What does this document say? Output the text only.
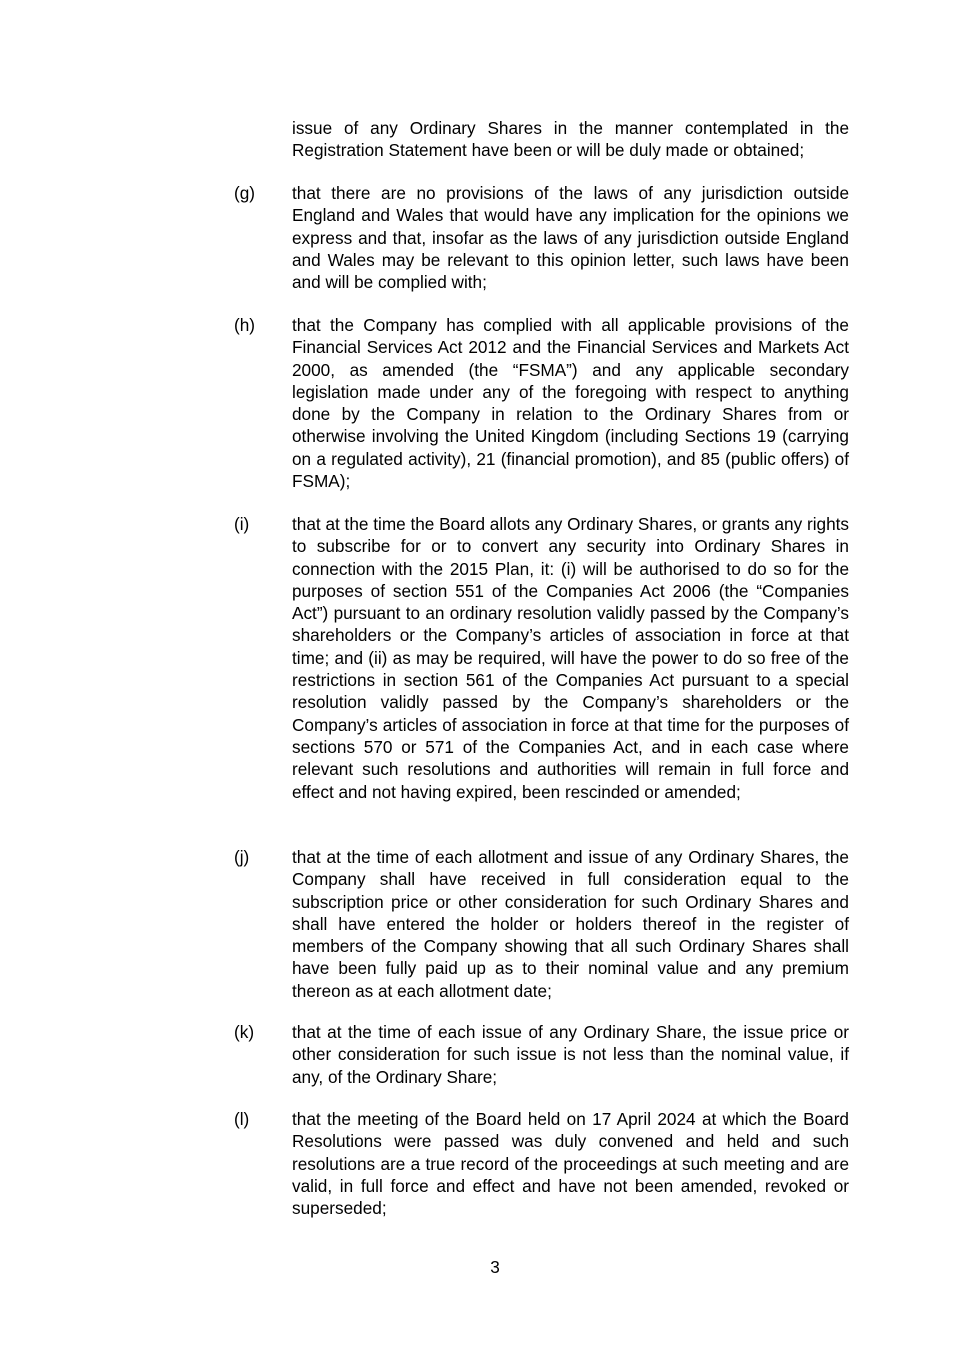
issue of any Ordinary Shares in the manner contemplated in the Registration Statement have been or will be duly made or obtained;

(g) that there are no provisions of the laws of any jurisdiction outside England and Wales that would have any implication for the opinions we express and that, insofar as the laws of any jurisdiction outside England and Wales may be relevant to this opinion letter, such laws have been and will be complied with;

(h) that the Company has complied with all applicable provisions of the Financial Services Act 2012 and the Financial Services and Markets Act 2000, as amended (the “FSMA”) and any applicable secondary legislation made under any of the foregoing with respect to anything done by the Company in relation to the Ordinary Shares from or otherwise involving the United Kingdom (including Sections 19 (carrying on a regulated activity), 21 (financial promotion), and 85 (public offers) of FSMA);

(i) that at the time the Board allots any Ordinary Shares, or grants any rights to subscribe for or to convert any security into Ordinary Shares in connection with the 2015 Plan, it: (i) will be authorised to do so for the purposes of section 551 of the Companies Act 2006 (the “Companies Act”) pursuant to an ordinary resolution validly passed by the Company’s shareholders or the Company’s articles of association in force at that time; and (ii) as may be required, will have the power to do so free of the restrictions in section 561 of the Companies Act pursuant to a special resolution validly passed by the Company’s shareholders or the Company’s articles of association in force at that time for the purposes of sections 570 or 571 of the Companies Act, and in each case where relevant such resolutions and authorities will remain in full force and effect and not having expired, been rescinded or amended;

(j) that at the time of each allotment and issue of any Ordinary Shares, the Company shall have received in full consideration equal to the subscription price or other consideration for such Ordinary Shares and shall have entered the holder or holders thereof in the register of members of the Company showing that all such Ordinary Shares shall have been fully paid up as to their nominal value and any premium thereon as at each allotment date;

(k) that at the time of each issue of any Ordinary Share, the issue price or other consideration for such issue is not less than the nominal value, if any, of the Ordinary Share;

(l) that the meeting of the Board held on 17 April 2024 at which the Board Resolutions were passed was duly convened and held and such resolutions are a true record of the proceedings at such meeting and are valid, in full force and effect and have not been amended, revoked or superseded;

3
